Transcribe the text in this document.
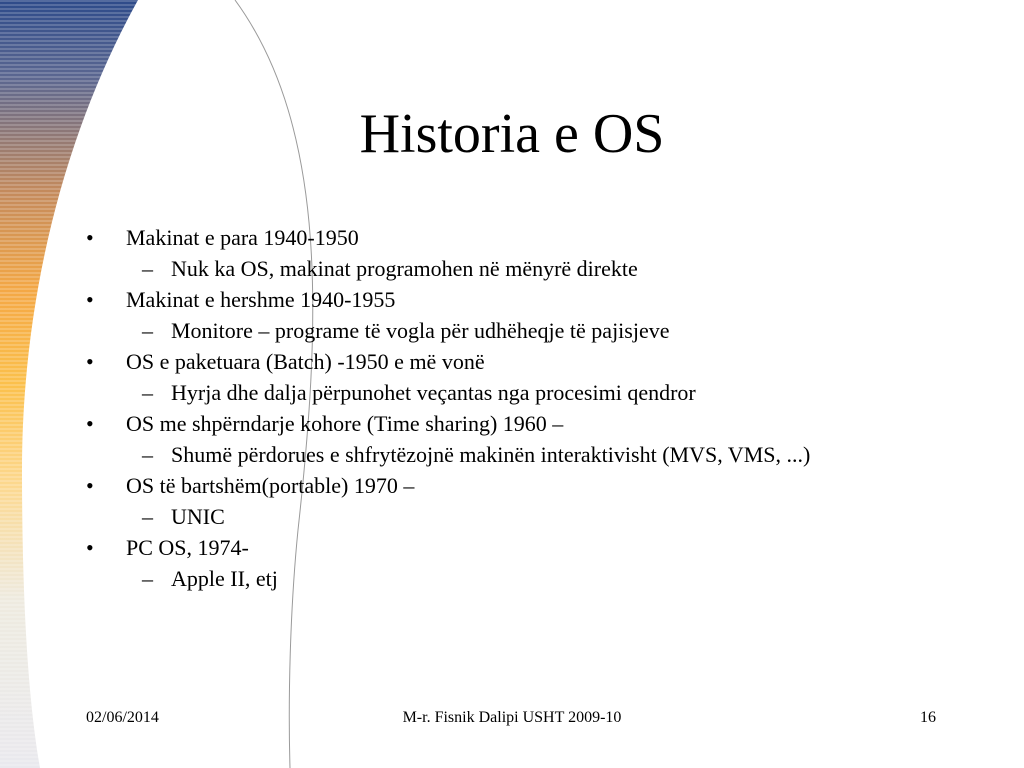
Historia e OS
• Makinat e para 1940-1950
– Nuk ka OS, makinat programohen në mënyrë direkte
• Makinat e hershme 1940-1955
– Monitore – programe të vogla për udhëheqje të pajisjeve
• OS e paketuara (Batch) -1950 e më vonë
– Hyrja dhe dalja përpunohet veçantas nga procesimi qendror
• OS me shpërndarje kohore (Time sharing) 1960 –
– Shumë përdorues e shfrytëzojnë makinën interaktivisht (MVS, VMS, ...)
• OS të bartshëm(portable) 1970 –
– UNIC
• PC OS, 1974-
– Apple II, etj
02/06/2014	M-r. Fisnik Dalipi USHT 2009-10	16
